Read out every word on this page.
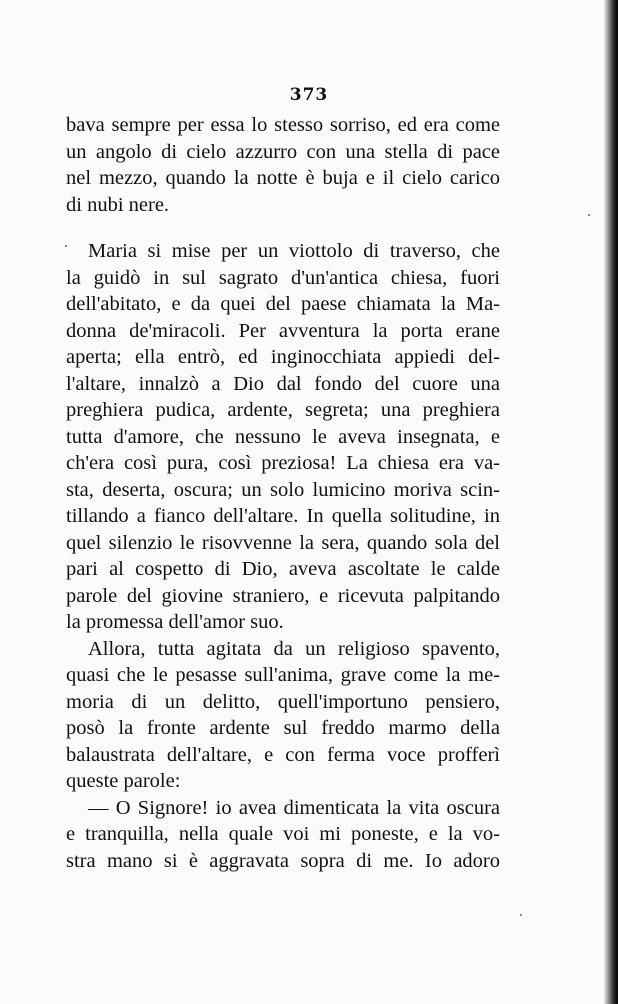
373
bava sempre per essa lo stesso sorriso, ed era come
un angolo di cielo azzurro con una stella di pace
nel mezzo, quando la notte è buja e il cielo carico
di nubi nere.
Maria si mise per un viottolo di traverso, che
la guidò in sul sagrato d'un'antica chiesa, fuori
dell'abitato, e da quei del paese chiamata la Ma-
donna de'miracoli. Per avventura la porta erane
aperta; ella entrò, ed inginocchiata appiedi del-
l'altare, innalzò a Dio dal fondo del cuore una
preghiera pudica, ardente, segreta; una preghiera
tutta d'amore, che nessuno le aveva insegnata, e
ch'era così pura, così preziosa! La chiesa era va-
sta, deserta, oscura; un solo lumicino moriva scin-
tillando a fianco dell'altare. In quella solitudine, in
quel silenzio le risovvenne la sera, quando sola del
pari al cospetto di Dio, aveva ascoltate le calde
parole del giovine straniero, e ricevuta palpitando
la promessa dell'amor suo.
Allora, tutta agitata da un religioso spavento,
quasi che le pesasse sull'anima, grave come la me-
moria di un delitto, quell'importuno pensiero,
posò la fronte ardente sul freddo marmo della
balaustrata dell'altare, e con ferma voce profferì
queste parole:
— O Signore! io avea dimenticata la vita oscura
e tranquilla, nella quale voi mi poneste, e la vo-
stra mano si è aggravata sopra di me. Io adoro
